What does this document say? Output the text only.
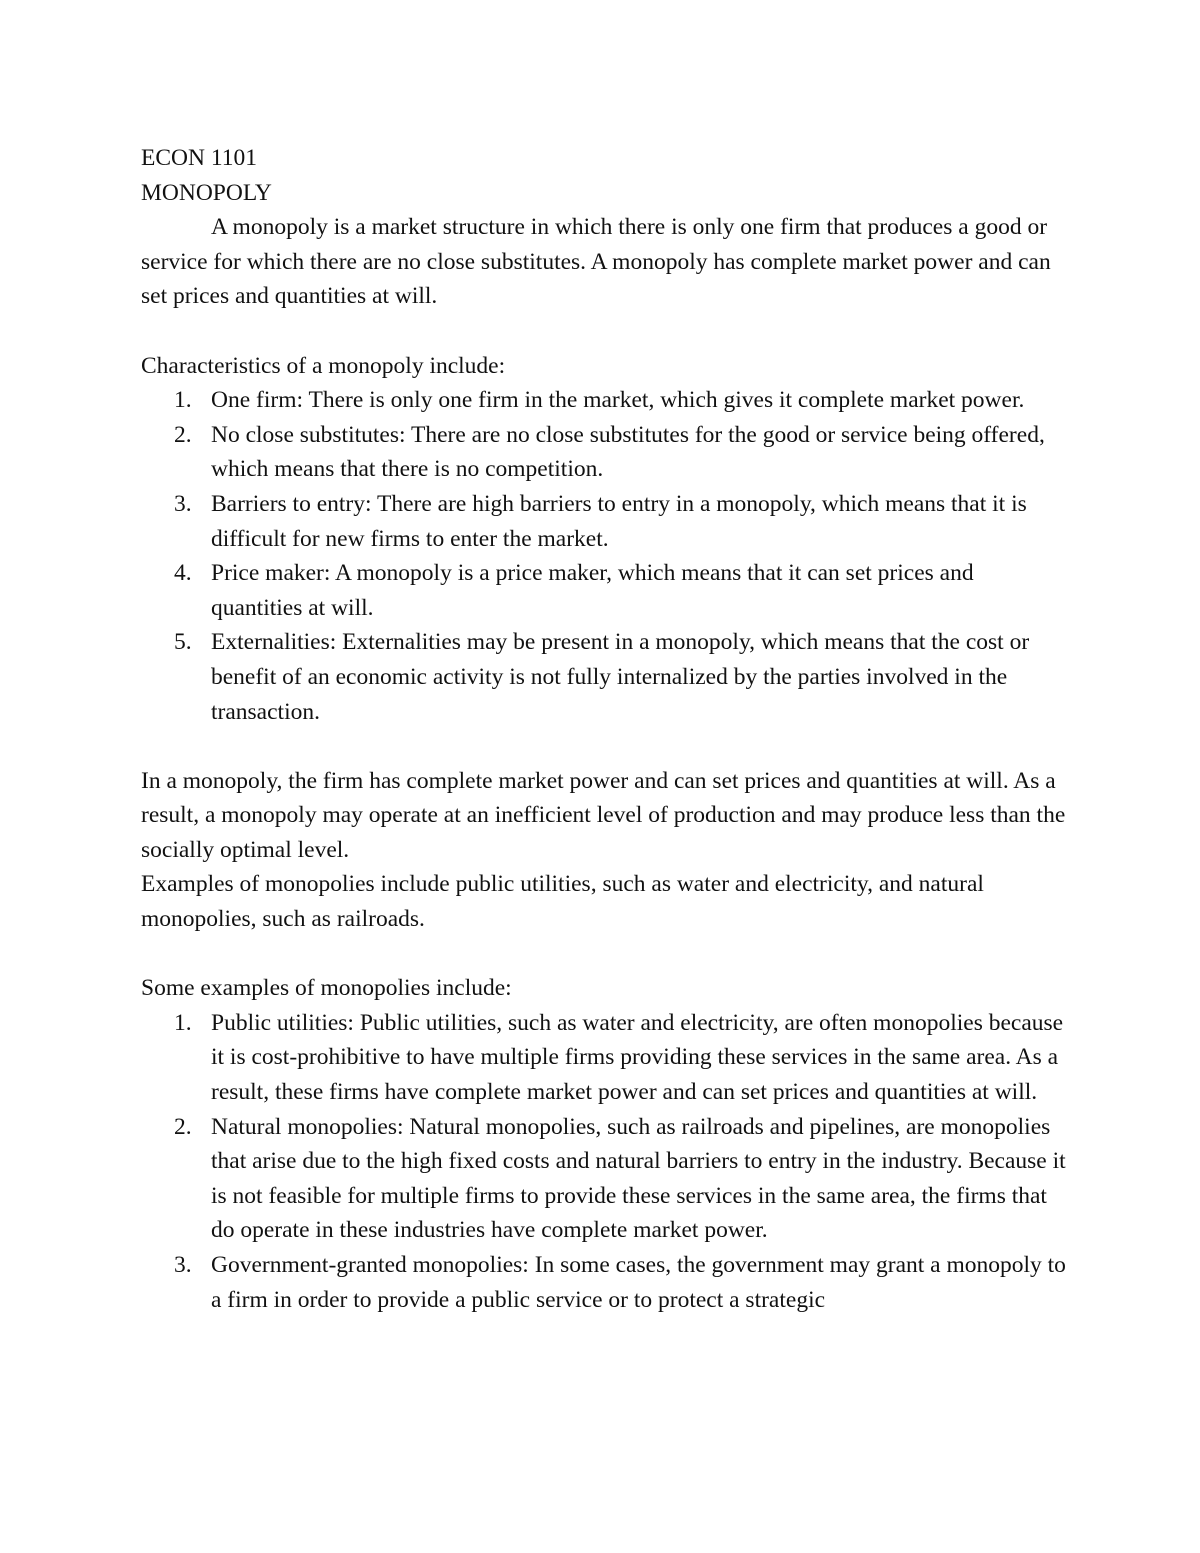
ECON 1101
MONOPOLY

A monopoly is a market structure in which there is only one firm that produces a good or service for which there are no close substitutes. A monopoly has complete market power and can set prices and quantities at will.

Characteristics of a monopoly include:
1. One firm: There is only one firm in the market, which gives it complete market power.
2. No close substitutes: There are no close substitutes for the good or service being offered, which means that there is no competition.
3. Barriers to entry: There are high barriers to entry in a monopoly, which means that it is difficult for new firms to enter the market.
4. Price maker: A monopoly is a price maker, which means that it can set prices and quantities at will.
5. Externalities: Externalities may be present in a monopoly, which means that the cost or benefit of an economic activity is not fully internalized by the parties involved in the transaction.

In a monopoly, the firm has complete market power and can set prices and quantities at will. As a result, a monopoly may operate at an inefficient level of production and may produce less than the socially optimal level.

Examples of monopolies include public utilities, such as water and electricity, and natural monopolies, such as railroads.

Some examples of monopolies include:
1. Public utilities: Public utilities, such as water and electricity, are often monopolies because it is cost-prohibitive to have multiple firms providing these services in the same area. As a result, these firms have complete market power and can set prices and quantities at will.
2. Natural monopolies: Natural monopolies, such as railroads and pipelines, are monopolies that arise due to the high fixed costs and natural barriers to entry in the industry. Because it is not feasible for multiple firms to provide these services in the same area, the firms that do operate in these industries have complete market power.
3. Government-granted monopolies: In some cases, the government may grant a monopoly to a firm in order to provide a public service or to protect a strategic
